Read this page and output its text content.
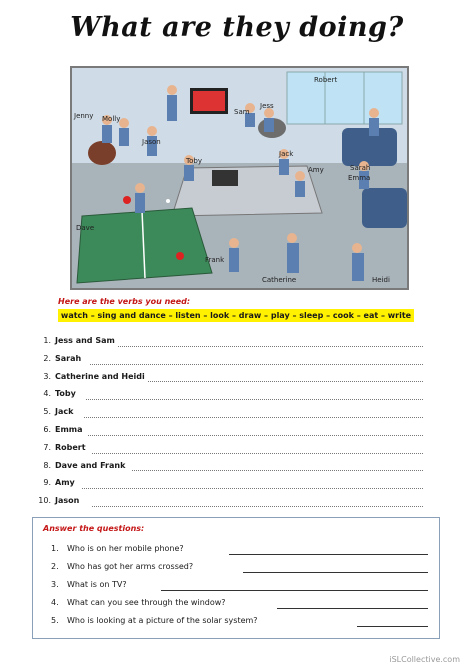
What are they doing?
Robert
Jess
Sam
Jenny Molly
Jason
Toby
Jack
Amy	Sarah
Emma
Dave
Frank
Catherine	Heidi
Here are the verbs you need:
watch – sing and dance – listen – look – draw – play – sleep – cook – eat – write
1. Jess and Sam
2. Sarah
3. Catherine and Heidi
4. Toby
5. Jack
6. Emma
7. Robert
8. Dave and Frank
9. Amy
10. Jason
Answer the questions:
1. Who is on her mobile phone?
2. Who has got her arms crossed?
3. What is on TV?
4. What can you see through the window?
5. Who is looking at a picture of the solar system?
iSLCollective.com
